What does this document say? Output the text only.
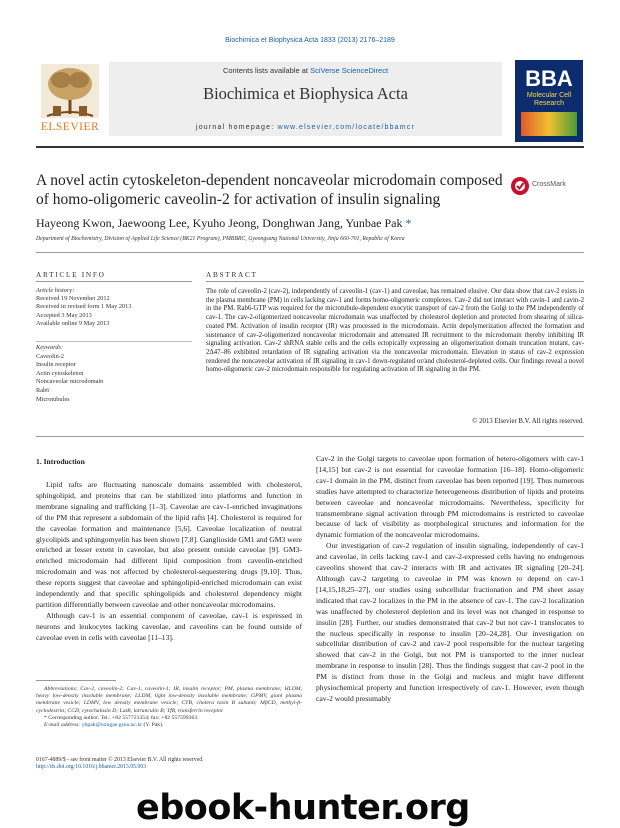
Biochimica et Biophysica Acta 1833 (2013) 2176–2189
Contents lists available at SciVerse ScienceDirect
Biochimica et Biophysica Acta
journal homepage: www.elsevier.com/locate/bbamcr
ELSEVIER
BBA
Molecular Cell Research
A novel actin cytoskeleton-dependent noncaveolar microdomain composed of homo-oligomeric caveolin-2 for activation of insulin signaling
CrossMark
Hayeong Kwon, Jaewoong Lee, Kyuho Jeong, Donghwan Jang, Yunbae Pak *
Department of Biochemistry, Division of Applied Life Science (BK21 Program), PMBBRC, Gyeongsang National University, Jinju 660-701, Republic of Korea
ARTICLE INFO
Article history:
Received 19 November 2012
Received in revised form 1 May 2013
Accepted 3 May 2013
Available online 9 May 2013
Keywords:
Caveolin-2
Insulin receptor
Actin cytoskeleton
Noncaveolar microdomain
Rab6
Microtubules
ABSTRACT
The role of caveolin-2 (cav-2), independently of caveolin-1 (cav-1) and caveolae, has remained elusive. Our data show that cav-2 exists in the plasma membrane (PM) in cells lacking cav-1 and forms homo-oligomeric complexes. Cav-2 did not interact with cavin-1 and cavin-2 in the PM. Rab6-GTP was required for the microtubule-dependent exocytic transport of cav-2 from the Golgi to the PM independently of cav-1. The cav-2-oligomerized noncaveolar microdomain was unaffected by cholesterol depletion and protected from shearing of silica-coated PM. Activation of insulin receptor (IR) was processed in the microdomain. Actin depolymerization affected the formation and sustenance of cav-2-oligomerized noncaveolar microdomain and attenuated IR recruitment to the microdomain thereby inhibiting IR signaling activation. Cav-2 shRNA stable cells and the cells ectopically expressing an oligomerization domain truncation mutant, cav-2Δ47–86 exhibited retardation of IR signaling activation via the noncaveolar microdomain. Elevation in status of cav-2 expression rendered the noncaveolar activation of IR signaling in cav-1 down-regulated or/and cholesterol-depleted cells. Our findings reveal a novel homo-oligomeric cav-2 microdomain responsible for regulating activation of IR signaling in the PM.
© 2013 Elsevier B.V. All rights reserved.
1. Introduction

Lipid rafts are fluctuating nanoscale domains assembled with cholesterol, sphingolipid, and proteins that can be stabilized into platforms and function in membrane signaling and trafficking [1–3]. Caveolae are cav-1-enriched invaginations of the PM that represent a subdomain of the lipid rafts [4]. Cholesterol is required for the caveolae formation and maintenance [5,6]. Caveolae localization of neutral glycolipids and sphingomyelin has been shown [7,8]. Ganglioside GM1 and GM3 were enriched at lesser extent in caveolae, but also present outside caveolae [9]. GM3-enriched microdomain had different lipid composition from caveolin-enriched microdomain and was not affected by cholesterol-sequestering drugs [9,10]. Thus, these reports suggest that caveolae and sphingolipid-enriched microdomain can exist independently and that specific sphingolipids and cholesterol dependency might partition differentially between caveolae and other noncaveolar microdomains.

Although cav-1 is an essential component of caveolae, cav-1 is expressed in neurons and leukocytes lacking caveolae, and caveolins can be found outside of caveolae even in cells with caveolae [11–13].

Cav-2 in the Golgi targets to caveolae upon formation of hetero-oligomers with cav-1 [14,15] but cav-2 is not essential for caveolae formation [16–18]. Homo-oligomeric cav-1 domain in the PM, distinct from caveolae has been reported [19]. Thus numerous studies have attempted to characterize heterogeneous distribution of lipids and proteins between caveolae and noncaveolar microdomains. Nevertheless, specificity for transmembrane signal activation through PM microdomains is restricted to caveolae because of lack of visibility as morphological structures and information for the dynamic formation of the noncaveolar microdomains.

Our investigation of cav-2 regulation of insulin signaling, independently of cav-1 and caveolae, in cells lacking cav-1 and cav-2-expressed cells having no endogenous caveolins showed that cav-2 interacts with IR and activates IR signaling [20–24]. Although cav-2 targeting to caveolae in PM was known to depend on cav-1 [14,15,18,25–27], our studies using subcellular fractionation and PM sheet assay indicated that cav-2 localizes in the PM in the absence of cav-1. The cav-2 localization was unaffected by cholesterol depletion and its level was not changed in response to insulin [28]. Further, our studies demonstrated that cav-2 but not cav-1 translocates to the nucleus specifically in response to insulin [20–24,28]. Our investigation on subcellular distribution of cav-2 and cav-2 pool responsible for the nuclear targeting showed that cav-2 in the Golgi, but not PM is transported to the inner nuclear membrane in response to insulin [28]. Thus the findings suggest that cav-2 pool in the PM is distinct from those in the Golgi and nucleus and might have different physiochemical property and function irrespectively of cav-1. However, even though cav-2 would presumably

Abbreviations: Cav-2, caveolin-2; Cav-1, caveolin-1; IR, insulin receptor; PM, plasma membrane; HLDM, heavy low-density insoluble membrane; LLDM, light low-density insoluble membrane; GPMV, giant plasma membrane vesicle; LDMV, low density membrane vesicle; CTB, cholera toxin B subunit; MβCD, methyl-β-cyclodextrin; CCD, cytochalasin D; LatB, latrunculin B; TfR, transferrin receptor
* Corresponding author. Tel.: +82 557721354; fax: +82 557599363.
E-mail address: ybpak@nongae.gsnu.ac.kr (Y. Pak).
0167-4889/$ - see front matter © 2013 Elsevier B.V. All rights reserved.
http://dx.doi.org/10.1016/j.bbamcr.2013.05.003
ebook-hunter.org
